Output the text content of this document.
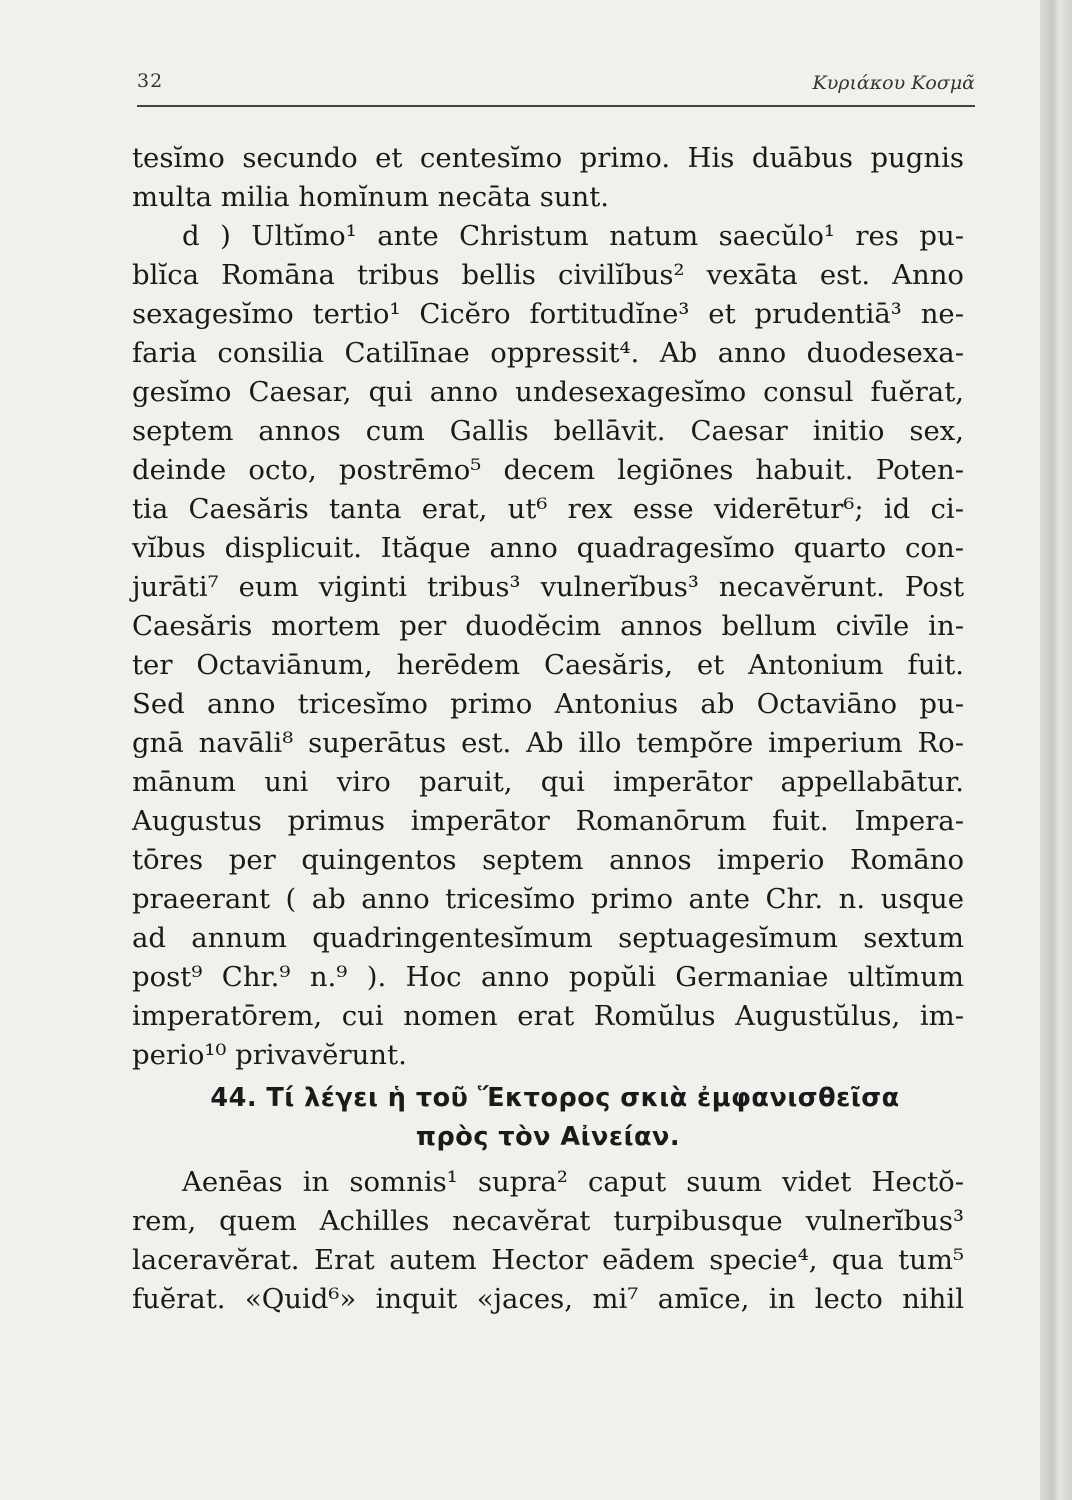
32	Κυριάκου Κοσμᾶ
tesĭmo secundo et centesĭmo primo. His duābus pugnis
multa milia homĭnum necāta sunt.
d ) Ultĭmo¹ ante Christum natum saecŭlo¹ res pu-
blĭca Romāna tribus bellis civilĭbus² vexāta est. Anno
sexagesĭmo tertio¹ Cicĕro fortitudĭne³ et prudentiā³ ne-
faria consilia Catilīnae oppressit⁴. Ab anno duodesexa-
gesĭmo Caesar, qui anno undesexagesĭmo consul fuĕrat,
septem annos cum Gallis bellāvit. Caesar initio sex,
deinde octo, postrēmo⁵ decem legiōnes habuit. Poten-
tia Caesăris tanta erat, ut⁶ rex esse viderētur⁶; id ci-
vĭbus displicuit. Ităque anno quadragesĭmo quarto con-
jurāti⁷ eum viginti tribus³ vulnerĭbus³ necavĕrunt. Post
Caesăris mortem per duodĕcim annos bellum civīle in-
ter Octaviānum, herēdem Caesăris, et Antonium fuit.
Sed anno tricesĭmo primo Antonius ab Octaviāno pu-
gnā navāli⁸ superātus est. Ab illo tempŏre imperium Ro-
mānum uni viro paruit, qui imperātor appellabātur.
Augustus primus imperātor Romanōrum fuit. Impera-
tōres per quingentos septem annos imperio Romāno
praeerant ( ab anno tricesĭmo primo ante Chr. n. usque
ad annum quadringentesĭmum septuagesĭmum sextum
post⁹ Chr.⁹ n.⁹ ). Hoc anno popŭli Germaniae ultĭmum
imperatōrem, cui nomen erat Romŭlus Augustŭlus, im-
perio¹⁰ privavĕrunt.
44. Τί λέγει ἡ τοῦ Ἕκτορος σκιὰ ἐμφανισθεῖσα
πρὸς τὸν Αἰνείαν.
Aenēas in somnis¹ supra² caput suum videt Hectŏ-
rem, quem Achilles necavĕrat turpibusque vulnerĭbus³
laceravĕrat. Erat autem Hector eādem specie⁴, qua tum⁵
fuĕrat. «Quid⁶» inquit «jaces, mi⁷ amīce, in lecto nihil
